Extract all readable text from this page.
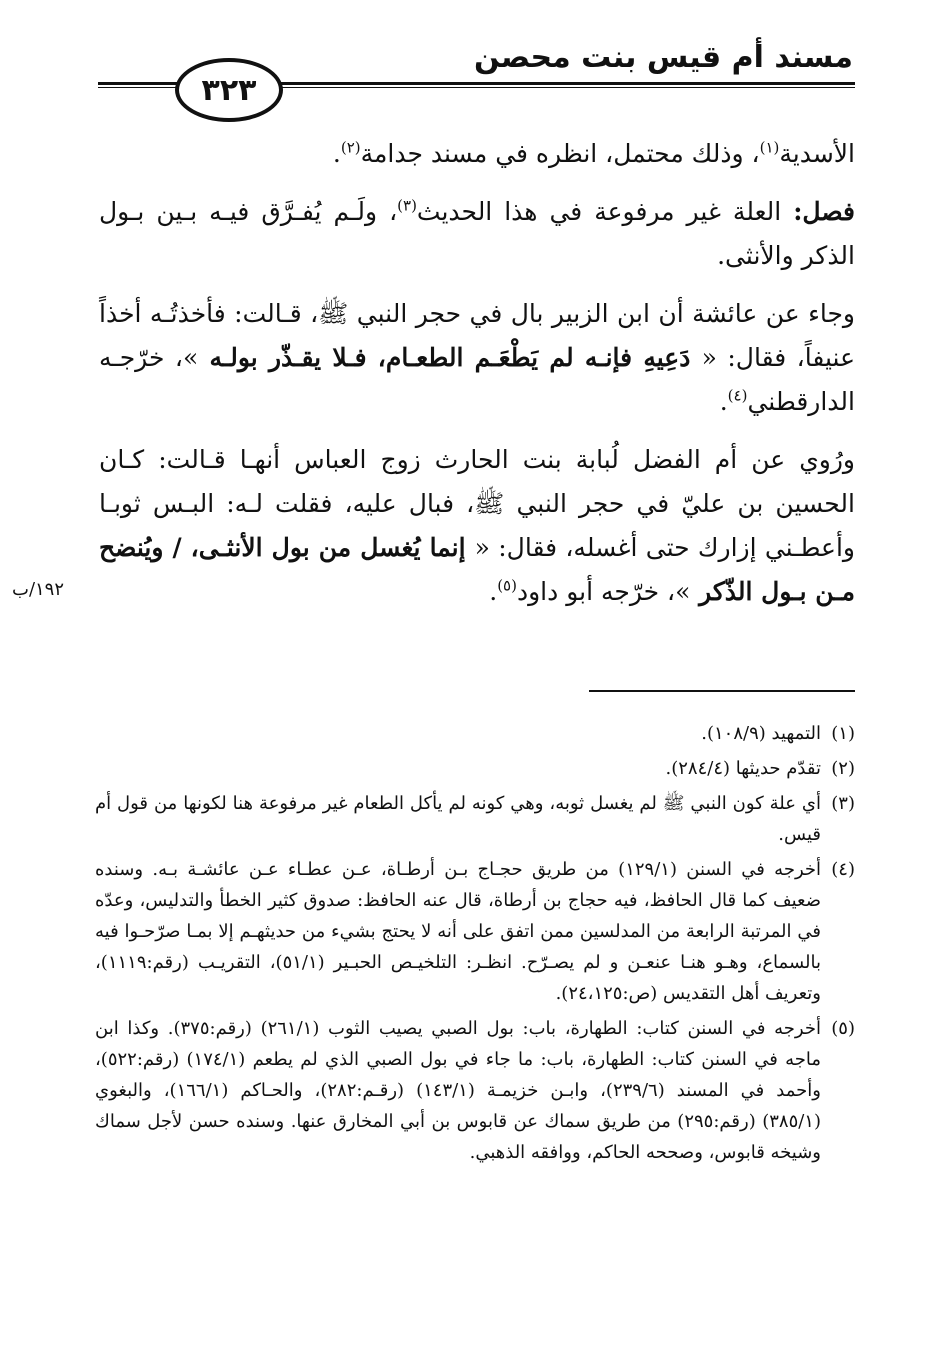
مسند أم قيس بنت محصن
٣٢٣

الأسدية$^{(١)}$، وذلك محتمل، انظره في مسند جدامة$^{(٢)}$.

فصل: العلة غير مرفوعة في هذا الحديث$^{(٣)}$، ولَـم يُفـرَّق فيـه بـين بـول الذكر والأنثى.

وجاء عن عائشة أن ابن الزبير بال في حجر النبي ﷺ، قـالت: فأخذتُـه أخذاً عنيفاً، فقال: « دَعِيهِ فإنـه لم يَطْعَـم الطعـام، فـلا يقـذّر بولـه »، خرّجـه الدارقطني$^{(٤)}$.

ورُوي عن أم الفضل لُبابة بنت الحارث زوج العباس أنهـا قـالت: كـان الحسين بن عليّ في حجر النبي ﷺ، فبال عليه، فقلت لـه: البـس ثوبـا وأعطـني إزارك حتى أغسله، فقال: « إنما يُغسل من بول الأنثـى، / ويُنضح مـن بـول الذّكر »، خرّجه أبو داود$^{(٥)}$.

١٩٢/ب
(١)
التمهيد (١٠٨/٩).
(٢)
تقدّم حديثها (٢٨٤/٤).
(٣)
أي علة كون النبي ﷺ لم يغسل ثوبه، وهي كونه لم يأكل الطعام غير مرفوعة هنا لكونها من قول أم قيس.
(٤)
أخرجه في السنن (١٢٩/١) من طريق حجـاج بـن أرطـاة، عـن عطـاء عـن عائشـة بـه. وسنده ضعيف كما قال الحافظ، فيه حجاج بن أرطاة، قال عنه الحافظ: صدوق كثير الخطأ والتدليس، وعدّه في المرتبة الرابعة من المدلسين ممن اتفق على أنه لا يحتج بشيء من حديثهـم إلا بمـا صرّحـوا فيه بالسماع، وهـو هنـا عنعـن و لم يصـرّح. انظـر: التلخيـص الحبـير (٥١/١)، التقريـب (رقم:١١١٩)، وتعريف أهل التقديس (ص:٢٤،١٢٥).
(٥)
أخرجه في السنن كتاب: الطهارة، باب: بول الصبي يصيب الثوب (٢٦١/١) (رقم:٣٧٥). وكذا ابن ماجه في السنن كتاب: الطهارة، باب: ما جاء في بول الصبي الذي لم يطعم (١٧٤/١) (رقم:٥٢٢)، وأحمد في المسند (٢٣٩/٦)، وابـن خزيمـة (١٤٣/١) (رقـم:٢٨٢)، والحـاكم (١٦٦/١)، والبغوي (٣٨٥/١) (رقم:٢٩٥) من طريق سماك عن قابوس بن أبي المخارق عنها. وسنده حسن لأجل سماك وشيخه قابوس، وصححه الحاكم، ووافقه الذهبي.
